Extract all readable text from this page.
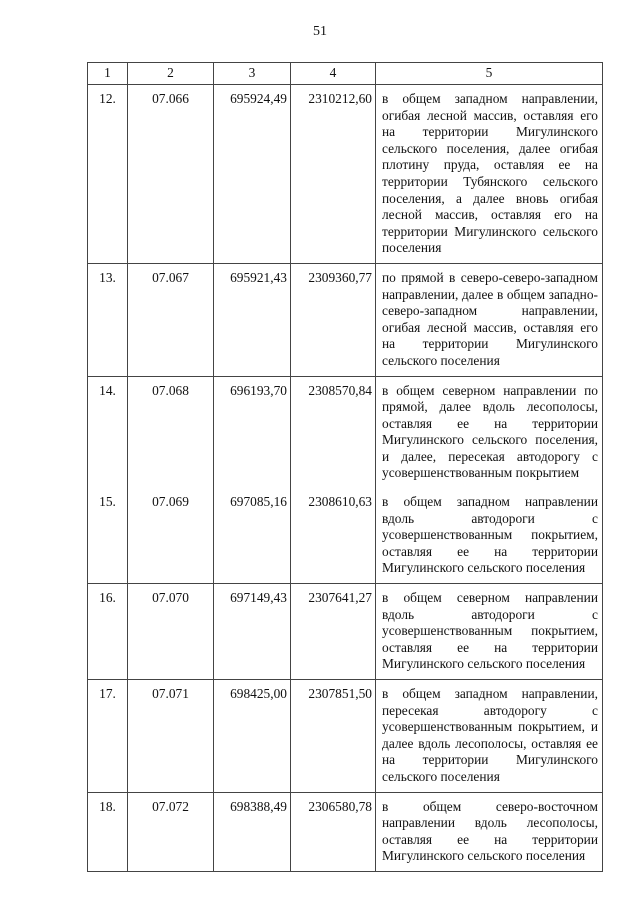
51
1	2	3	4	5
12.	07.066	695924,49	2310212,60	в общем западном направлении, огибая лесной массив, оставляя его на территории Мигулинского сельского поселения, далее огибая плотину пруда, оставляя ее на территории Тубянского сельского поселения, а далее вновь огибая лесной массив, оставляя его на территории Мигулинского сельского поселения
13.	07.067	695921,43	2309360,77	по прямой в северо-северо-западном направлении, далее в общем западно-северо-западном направлении, огибая лесной массив, оставляя его на территории Мигулинского сельского поселения
14.	07.068	696193,70	2308570,84	в общем северном направлении по прямой, далее вдоль лесополосы, оставляя ее на территории Мигулинского сельского поселения, и далее, пересекая автодорогу с усовершенствованным покрытием
15.	07.069	697085,16	2308610,63	в общем западном направлении вдоль автодороги с усовершенствованным покрытием, оставляя ее на территории Мигулинского сельского поселения
16.	07.070	697149,43	2307641,27	в общем северном направлении вдоль автодороги с усовершенствованным покрытием, оставляя ее на территории Мигулинского сельского поселения
17.	07.071	698425,00	2307851,50	в общем западном направлении, пересекая автодорогу с усовершенствованным покрытием, и далее вдоль лесополосы, оставляя ее на территории Мигулинского сельского поселения
18.	07.072	698388,49	2306580,78	в общем северо-восточном направлении вдоль лесополосы, оставляя ее на территории Мигулинского сельского поселения
